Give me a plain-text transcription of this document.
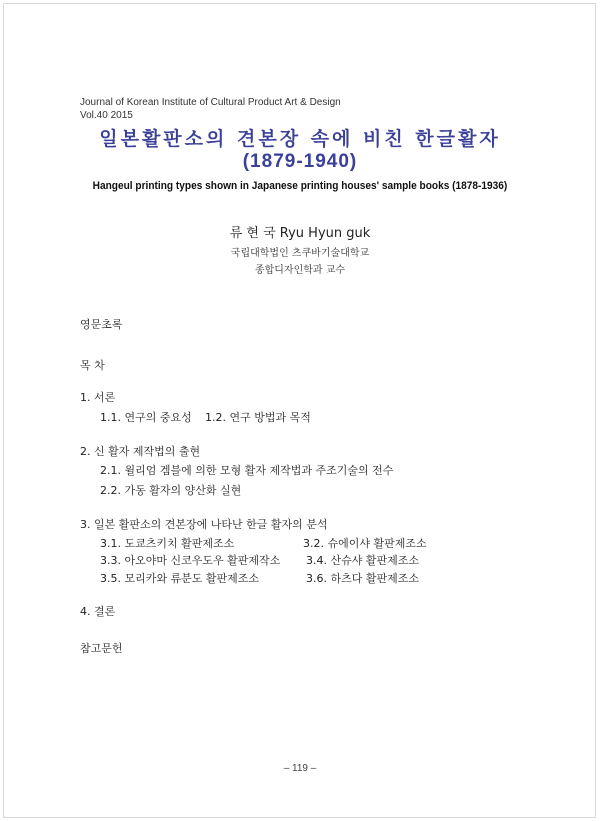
Journal of Korean Institute of Cultural Product Art & Design
Vol.40 2015
일본활판소의 견본장 속에 비친 한글활자
(1879-1940)
Hangeul printing types shown in Japanese printing houses' sample books (1878-1936)
류 현 국 Ryu Hyun guk
국립대학법인 츠쿠바기술대학교
종합디자인학과 교수
영문초록
목 차
1. 서론
1.1. 연구의 중요성 1.2. 연구 방법과 목적
2. 신 활자 제작법의 출현
2.1. 윌리엄 겜블에 의한 모형 활자 제작법과 주조기술의 전수
2.2. 가동 활자의 양산화 실현
3. 일본 활판소의 견본장에 나타난 한글 활자의 분석
3.1. 도쿄츠키치 활판제조소	3.2. 슈에이샤 활판제조소
3.3. 아오야마 신코우도우 활판제작소 3.4. 산슈샤 활판제조소
3.5. 모리카와 류분도 활판제조소	3.6. 하츠다 활판제조소
4. 결론
참고문헌
– 119 –
